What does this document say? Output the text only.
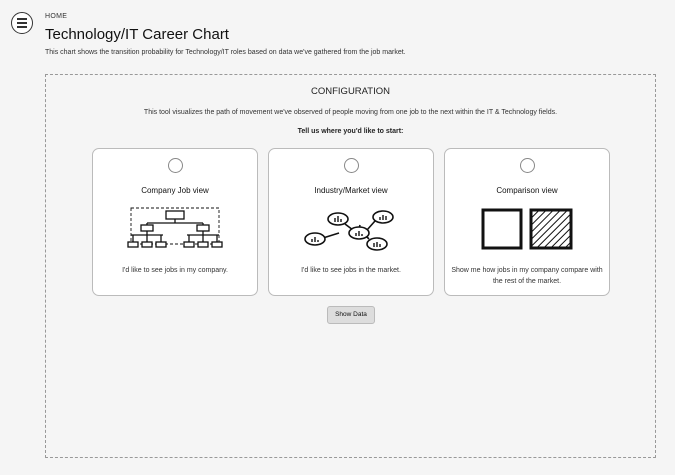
HOME
Technology/IT Career Chart
This chart shows the transition probability for Technology/IT roles based on data we've gathered from the job market.
CONFIGURATION
This tool visualizes the path of movement we've observed of people moving from one job to the next within the IT & Technology fields.
Tell us where you'd like to start:
Company Job view
I'd like to see jobs in my company.
Industry/Market view
I'd like to see jobs in the market.
Comparison view
Show me how jobs in my company compare with the rest of the market.
Show Data
